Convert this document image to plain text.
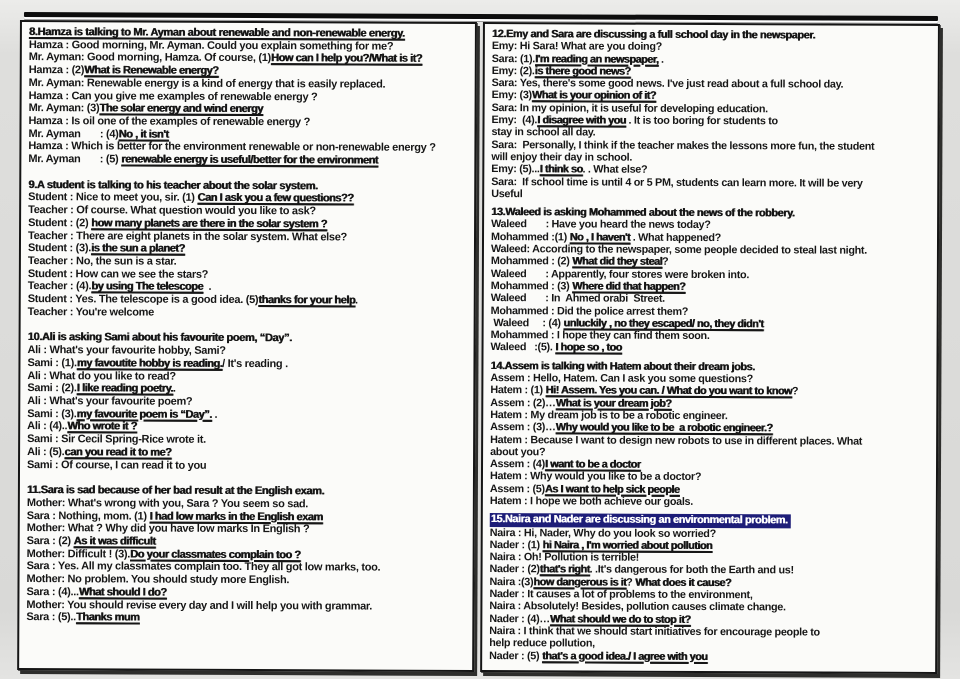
8.Hamza is talking to Mr. Ayman about renewable and non-renewable energy.
Hamza : Good morning, Mr. Ayman. Could you explain something for me?
Mr. Ayman: Good morning, Hamza. Of course, (1)How can I help you?/What is it?
Hamza : (2)What is Renewable energy?
Mr. Ayman: Renewable energy is a kind of energy that is easily replaced.
Hamza : Can you give me examples of renewable energy ?
Mr. Ayman: (3)The solar energy and wind energy
Hamza : Is oil one of the examples of renewable energy ?
Mr. Ayman       : (4)No , it isn't
Hamza : Which is better for the environment renewable or non-renewable energy ?
Mr. Ayman       : (5) renewable energy is useful/better for the environment
9.A student is talking to his teacher about the solar system.
Student : Nice to meet you, sir. (1) Can I ask you a few questions??
Teacher : Of course. What question would you like to ask?
Student : (2) how many planets are there in the solar system ?
Teacher : There are eight planets in the solar system. What else?
Student : (3).is the sun a planet?
Teacher : No, the sun is a star.
Student : How can we see the stars?
Teacher : (4).by using The telescope  .
Student : Yes. The telescope is a good idea. (5)thanks for your help.
Teacher : You're welcome
10.Ali is asking Sami about his favourite poem, “Day”.
Ali : What's your favourite hobby, Sami?
Sami : (1).my favoutite hobby is reading./ It's reading .
Ali : What do you like to read?
Sami : (2).I like reading poetry..
Ali : What's your favourite poem?
Sami : (3).my favourite poem is “Day”. .
Ali : (4)..Who wrote it ?
Sami : Sir Cecil Spring-Rice wrote it.
Ali : (5).can you read it to me?
Sami : Of course, I can read it to you
11.Sara is sad because of her bad result at the English exam.
Mother: What's wrong with you, Sara ? You seem so sad.
Sara : Nothing, mom. (1) I had low marks in the English exam
Mother: What ? Why did you have low marks In English ?
Sara : (2) As it was difficult
Mother: Difficult ! (3).Do your classmates complain too ?
Sara : Yes. All my classmates complain too. They all got low marks, too.
Mother: No problem. You should study more English.
Sara : (4)...What should I do?
Mother: You should revise every day and I will help you with grammar.
Sara : (5)..Thanks mum
12.Emy and Sara are discussing a full school day in the newspaper.
Emy: Hi Sara! What are you doing?
Sara: (1).I'm reading an newspaper, .
Emy: (2).is there good news?
Sara: Yes, there's some good news. I've just read about a full school day.
Emy: (3)What is your opinion of it?
Sara: In my opinion, it is useful for developing education.
Emy:  (4).I disagree with you . It is too boring for students to
stay in school all day.
Sara:  Personally, I think if the teacher makes the lessons more fun, the student
will enjoy their day in school.
Emy: (5)...I think so. . What else?
Sara:  If school time is until 4 or 5 PM, students can learn more. It will be very
Useful
13.Waleed is asking Mohammed about the news of the robbery.
Waleed       : Have you heard the news today?
Mohammed :(1) No , I haven't . What happened?
Waleed: According to the newspaper, some people decided to steal last night.
Mohammed : (2) What did they steal?
Waleed       : Apparently, four stores were broken into.
Mohammed : (3) Where did that happen?
Waleed       : In  Ahmed orabi  Street.
Mohammed : Did the police arrest them?
Waleed     : (4) unluckily , no they escaped/ no, they didn't
Mohammed : I hope they can find them soon.
Waleed   :(5). I hope so , too
14.Assem is talking with Hatem about their dream jobs.
Assem : Hello, Hatem. Can I ask you some questions?
Hatem : (1) Hi! Assem. Yes you can. / What do you want to know?
Assem : (2)…What is your dream job?
Hatem : My dream job is to be a robotic engineer.
Assem : (3)…Why would you like to be  a robotic engineer.?
Hatem : Because I want to design new robots to use in different places. What
about you?
Assem : (4)I want to be a doctor
Hatem : Why would you like to be a doctor?
Assem : (5)As I want to help sick people
Hatem : I hope we both achieve our goals.
15.Naira and Nader are discussing an environmental problem.
Naira : Hi, Nader, Why do you look so worried?
Nader : (1) hi Naira , I'm worried about pollution
Naira : Oh! Pollution is terrible!
Nader : (2)that's right. .It's dangerous for both the Earth and us!
Naira :(3)how dangerous is it? What does it cause?
Nader : It causes a lot of problems to the environment,
Naira : Absolutely! Besides, pollution causes climate change.
Nader : (4)…What should we do to stop it?
Naira : I think that we should start initiatives for encourage people to
help reduce pollution,
Nader : (5) that's a good idea./ I agree with you
